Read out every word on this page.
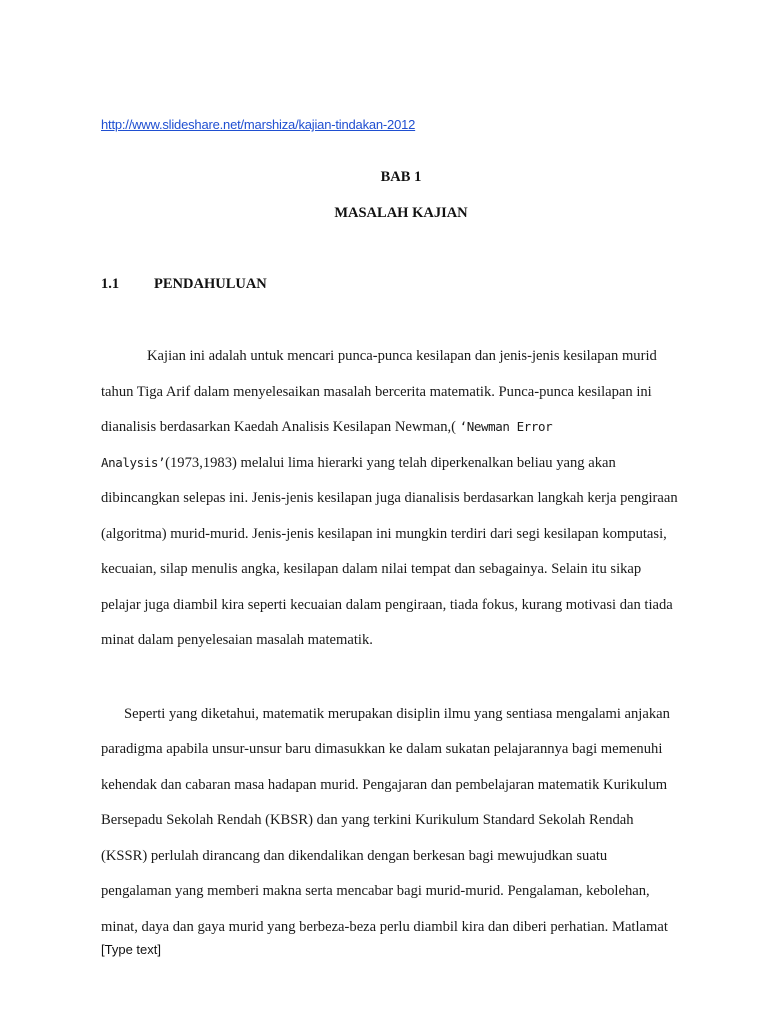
http://www.slideshare.net/marshiza/kajian-tindakan-2012
BAB 1
MASALAH KAJIAN
1.1 PENDAHULUAN
Kajian ini adalah untuk mencari punca-punca kesilapan dan jenis-jenis kesilapan murid
tahun Tiga Arif dalam menyelesaikan masalah bercerita matematik. Punca-punca kesilapan ini
dianalisis berdasarkan Kaedah Analisis Kesilapan Newman,( ‘Newman Error
Analysis’(1973,1983) melalui lima hierarki yang telah diperkenalkan beliau yang akan
dibincangkan selepas ini. Jenis-jenis kesilapan juga dianalisis berdasarkan langkah kerja pengiraan
(algoritma) murid-murid. Jenis-jenis kesilapan ini mungkin terdiri dari segi kesilapan komputasi,
kecuaian, silap menulis angka, kesilapan dalam nilai tempat dan sebagainya. Selain itu sikap
pelajar juga diambil kira seperti kecuaian dalam pengiraan, tiada fokus, kurang motivasi dan tiada
minat dalam penyelesaian masalah matematik.
Seperti yang diketahui, matematik merupakan disiplin ilmu yang sentiasa mengalami anjakan
paradigma apabila unsur-unsur baru dimasukkan ke dalam sukatan pelajarannya bagi memenuhi
kehendak dan cabaran masa hadapan murid. Pengajaran dan pembelajaran matematik Kurikulum
Bersepadu Sekolah Rendah (KBSR) dan yang terkini Kurikulum Standard Sekolah Rendah
(KSSR) perlulah dirancang dan dikendalikan dengan berkesan bagi mewujudkan suatu
pengalaman yang memberi makna serta mencabar bagi murid-murid. Pengalaman, kebolehan,
minat, daya dan gaya murid yang berbeza-beza perlu diambil kira dan diberi perhatian. Matlamat
[Type text]
